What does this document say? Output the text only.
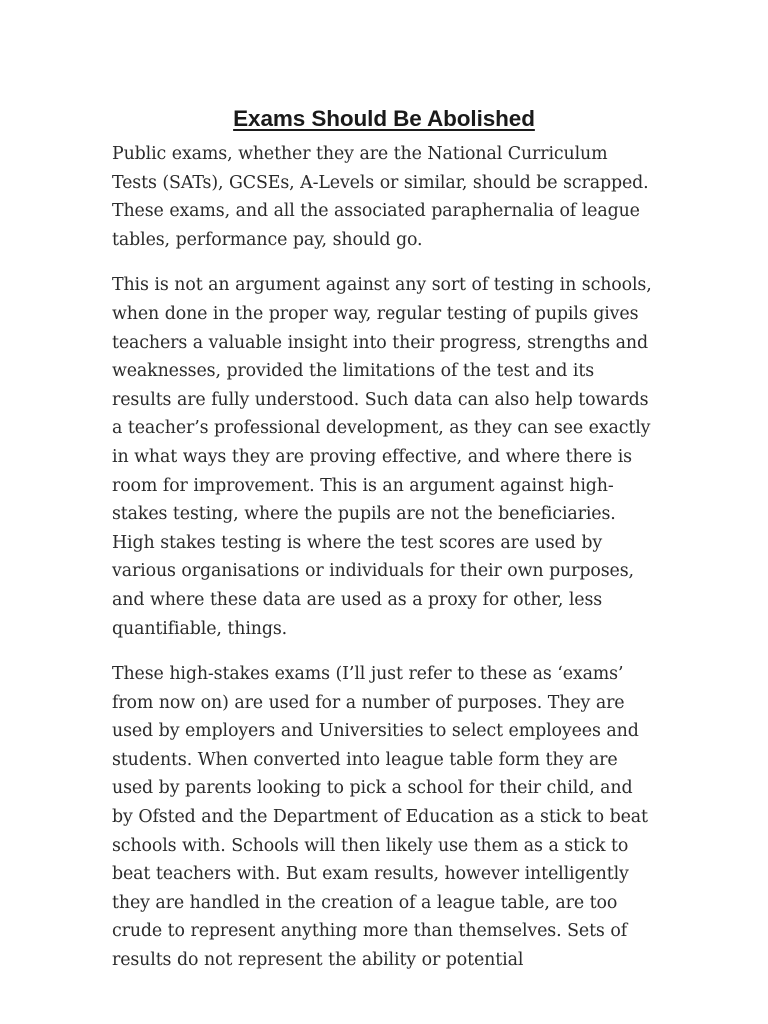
Exams Should Be Abolished

Public exams, whether they are the National Curriculum Tests (SATs), GCSEs, A-Levels or similar, should be scrapped. These exams, and all the associated paraphernalia of league tables, performance pay, should go.

This is not an argument against any sort of testing in schools, when done in the proper way, regular testing of pupils gives teachers a valuable insight into their progress, strengths and weaknesses, provided the limitations of the test and its results are fully understood. Such data can also help towards a teacher’s professional development, as they can see exactly in what ways they are proving effective, and where there is room for improvement. This is an argument against high-stakes testing, where the pupils are not the beneficiaries. High stakes testing is where the test scores are used by various organisations or individuals for their own purposes, and where these data are used as a proxy for other, less quantifiable, things.

These high-stakes exams (I’ll just refer to these as ‘exams’ from now on) are used for a number of purposes. They are used by employers and Universities to select employees and students. When converted into league table form they are used by parents looking to pick a school for their child, and by Ofsted and the Department of Education as a stick to beat schools with. Schools will then likely use them as a stick to beat teachers with. But exam results, however intelligently they are handled in the creation of a league table, are too crude to represent anything more than themselves. Sets of results do not represent the ability or potential
